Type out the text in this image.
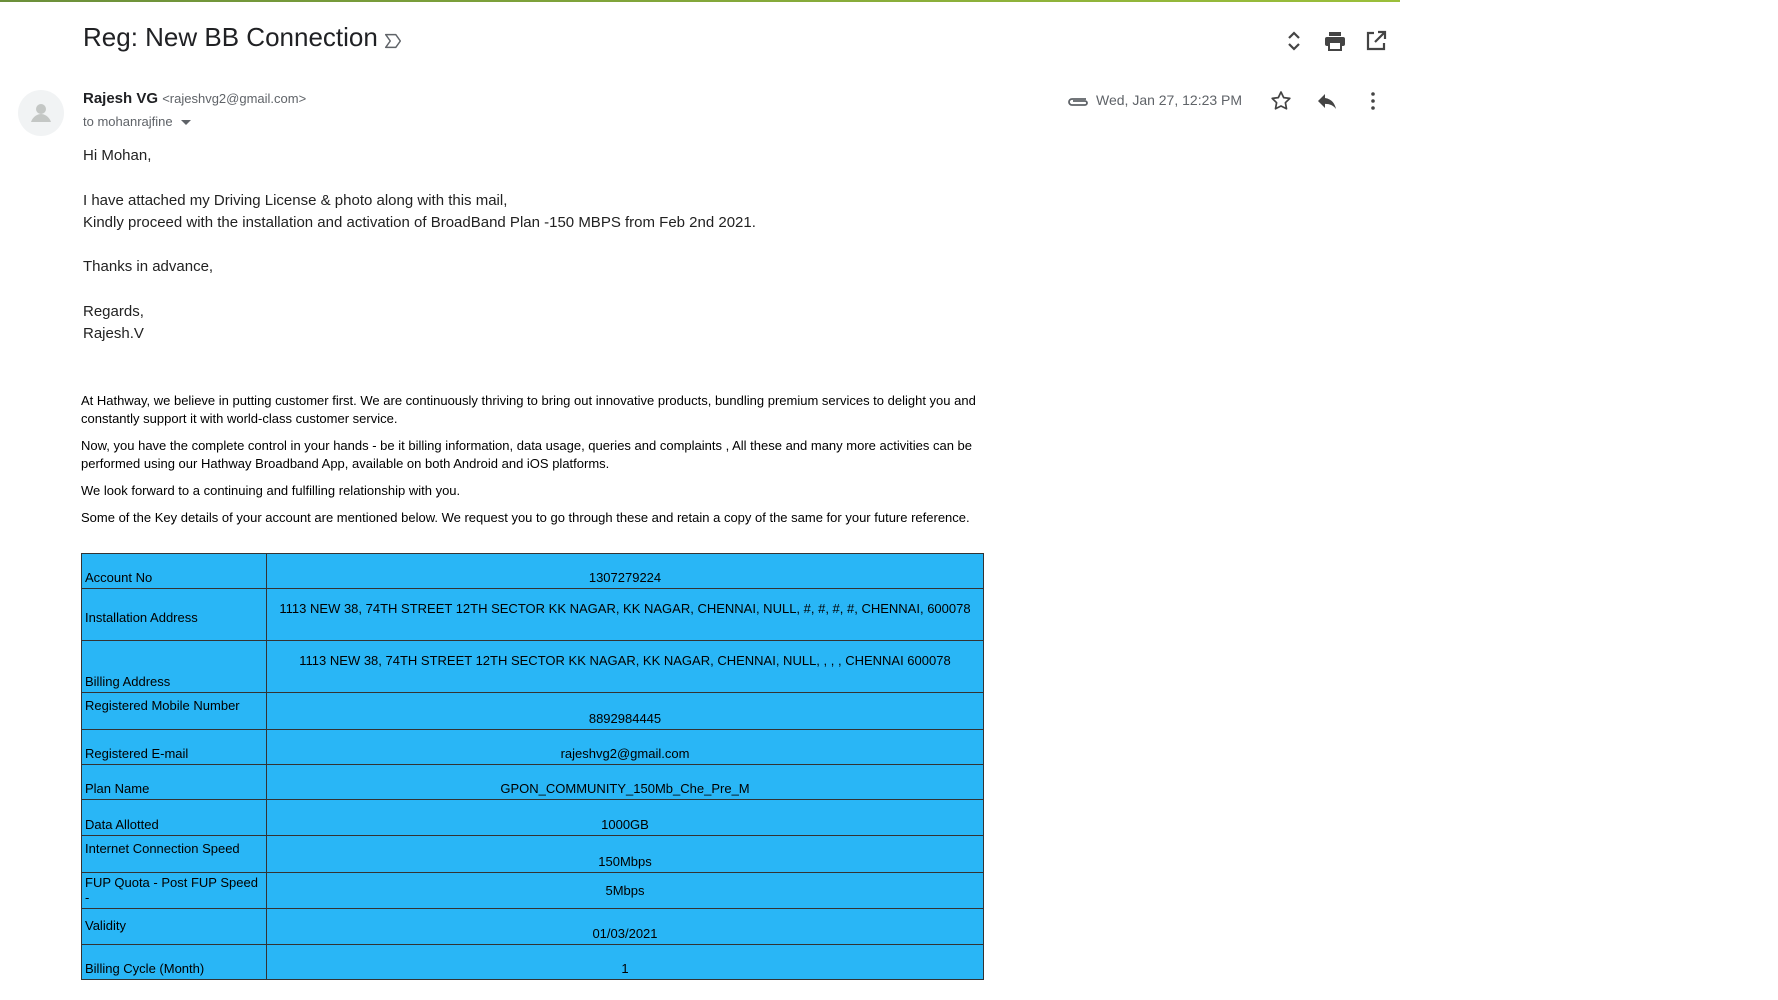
Reg: New BB Connection
Rajesh VG <rajeshvg2@gmail.com>
to mohanrajfine
Wed, Jan 27, 12:23 PM
Hi Mohan,
I have attached my Driving License & photo along with this mail,
Kindly proceed with the installation and activation of BroadBand Plan -150 MBPS from Feb 2nd 2021.
Thanks in advance,
Regards,
Rajesh.V
At Hathway, we believe in putting customer first. We are continuously thriving to bring out innovative products, bundling premium services to delight you and constantly support it with world-class customer service.
Now, you have the complete control in your hands - be it billing information, data usage, queries and complaints , All these and many more activities can be performed using our Hathway Broadband App, available on both Android and iOS platforms.
We look forward to a continuing and fulfilling relationship with you.
Some of the Key details of your account are mentioned below. We request you to go through these and retain a copy of the same for your future reference.
Account No	1307279224
Installation Address	1113 NEW 38, 74TH STREET 12TH SECTOR KK NAGAR, KK NAGAR, CHENNAI, NULL, #, #, #, #, CHENNAI, 600078
Billing Address	1113 NEW 38, 74TH STREET 12TH SECTOR KK NAGAR, KK NAGAR, CHENNAI, NULL, , , , CHENNAI 600078
Registered Mobile Number	8892984445
Registered E-mail	rajeshvg2@gmail.com
Plan Name	GPON_COMMUNITY_150Mb_Che_Pre_M
Data Allotted	1000GB
Internet Connection Speed	150Mbps
FUP Quota - Post FUP Speed -	5Mbps
Validity	01/03/2021
Billing Cycle (Month)	1
